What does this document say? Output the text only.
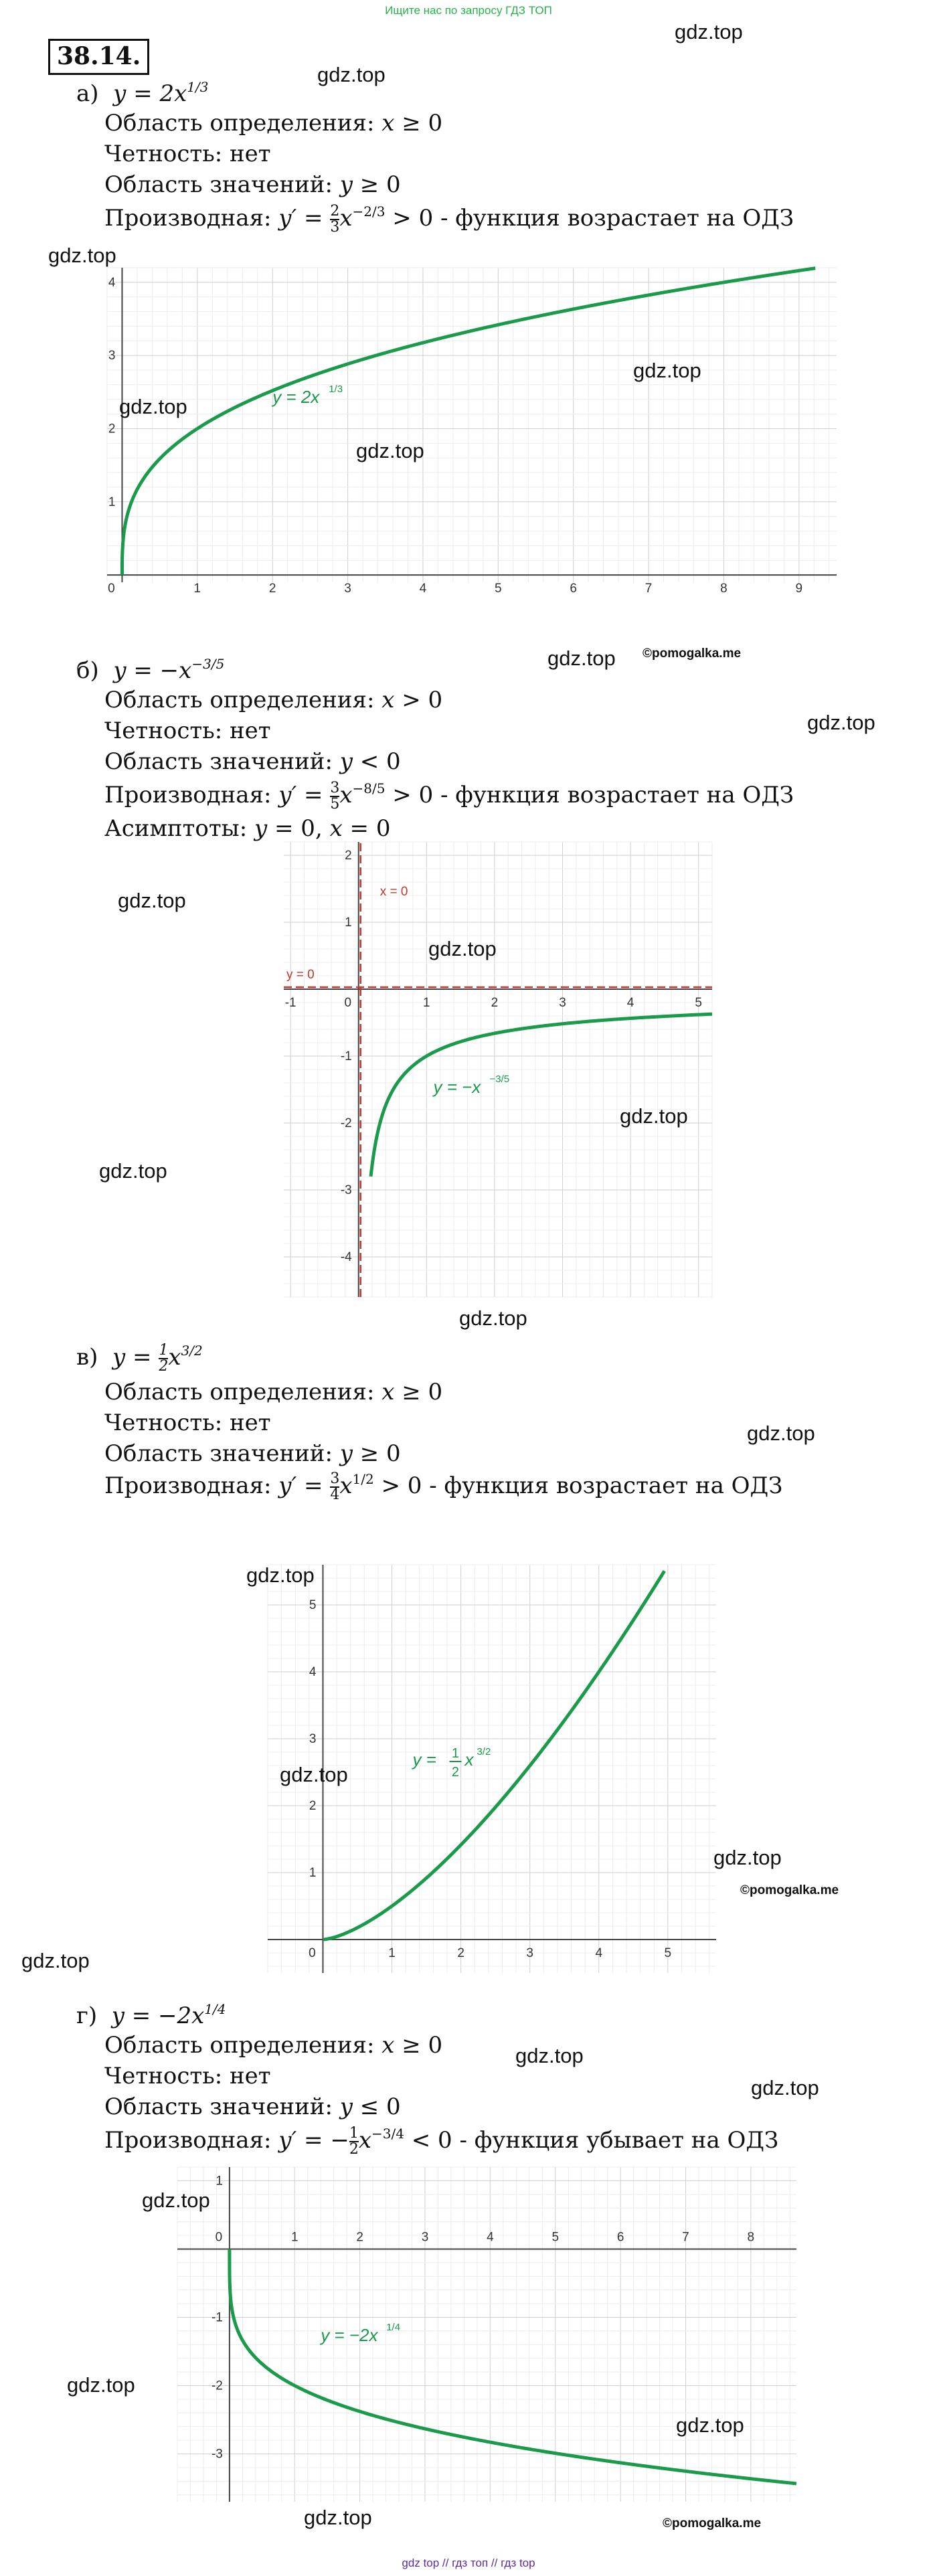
Ищите нас по запросу ГДЗ ТОП
38.14.
а) $y = 2x^{1/3}$
Область определения: x ≥ 0
Четность: нет
Область значений: y ≥ 0
Производная: $y' = \frac{2}{3} x^{-2/3} > 0$ - функция возрастает на ОДЗ
0	1	2	3	4	5	6	7	8	9
1
2
3
4
y = 2x 1/3
б) $y = -x^{-3/5}$
Область определения: x > 0
Четность: нет
Область значений: y < 0
Производная: $y' = \frac{3}{5} x^{-8/5} > 0$ - функция возрастает на ОДЗ
Асимптоты: y = 0, x = 0
-1	0	1	2	3	4	5
-4
-3
-2
-1
1
2
x = 0
y = 0
y = −x −3/5
в) $y = \frac{1}{2} x^{3/2}$
Область определения: x ≥ 0
Четность: нет
Область значений: y ≥ 0
Производная: $y' = \frac{3}{4} x^{1/2} > 0$ - функция возрастает на ОДЗ
0	1	2	3	4	5
1
2
3
4
5
y = 1
2
x 3/2
г) $y = -2x^{1/4}$
Область определения: x ≥ 0
Четность: нет
Область значений: y ≤ 0
Производная: y′ = − $\frac{1}{2} x^{-3/4} < 0$ - функция убывает на ОДЗ
0	1	2	3	4	5	6	7	8
-3
-2
-1
1
y = −2x 1/4
gdz.top
gdz.top
gdz.top
gdz.top
gdz.top
gdz.top
gdz.top ©pomogalka.me
gdz.top
gdz.top
gdz.top
gdz.top
gdz.top
gdz.top
gdz.top
gdz.top
gdz.top
gdz.top
©pomogalka.me
gdz.top
gdz.top
gdz.top
gdz.top
gdz.top
gdz.top
gdz.top	©pomogalka.me
gdz top // гдз топ // гдз top
